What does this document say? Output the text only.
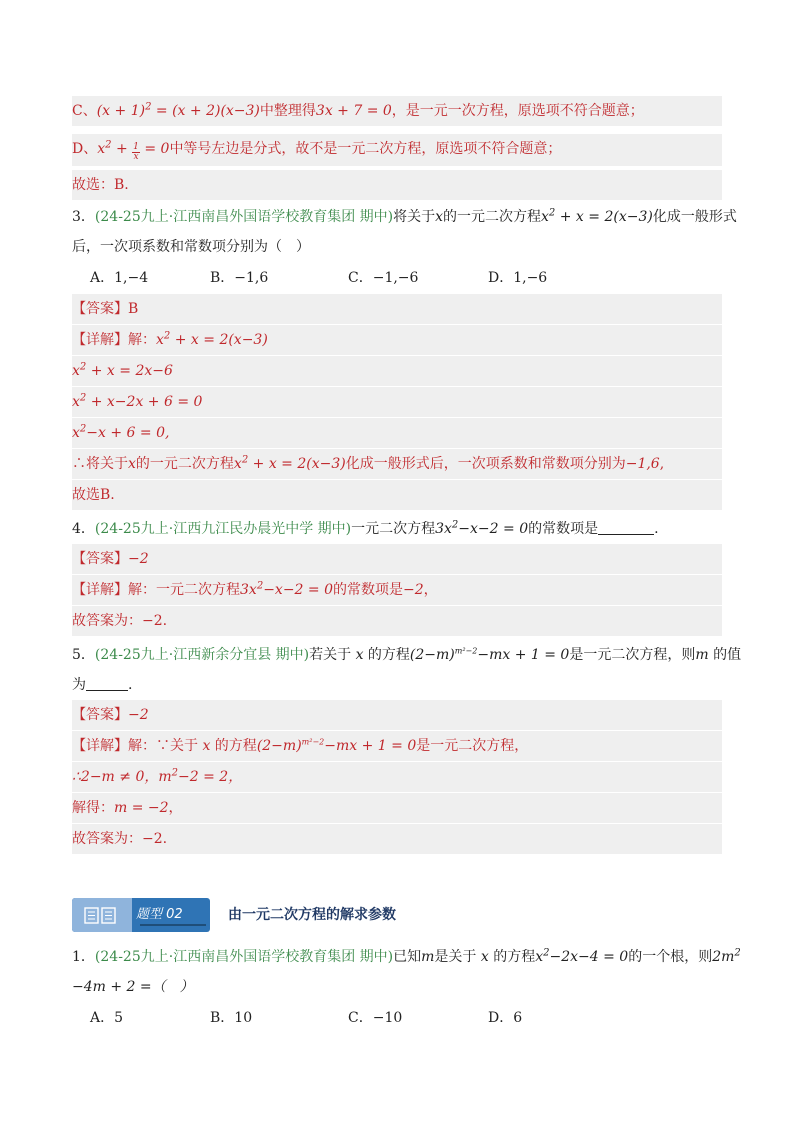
C、$(x + 1)^2 = (x + 2)(x-3)$中整理得3x + 7 = 0，是一元一次方程，原选项不符合题意；
D、$x^2 + \frac{1}{x} = 0$中等号左边是分式，故不是一元二次方程，原选项不符合题意；
故选：B.
3．(24-25九上·江西南昌外国语学校教育集团 期中)将关于x的一元二次方程$x^2 + x = 2(x-3)$化成一般形式
后，一次项系数和常数项分别为（　）
A．1,−4	B．−1,6	C．−1,−6	D．1,−6
【答案】B
【详解】解：$x^2 + x = 2(x-3)$
$x^2 + x = 2x-6$
$x^2 + x-2x + 6 = 0$
$x^2-x + 6 = 0$,
∴将关于x的一元二次方程$x^2 + x = 2(x-3)$化成一般形式后，一次项系数和常数项分别为−1,6,
故选B.
4．(24-25九上·江西九江民办晨光中学 期中)一元二次方程$3x^2-x-2 = 0$的常数项是	.
【答案】−2
【详解】解：一元二次方程$3x^2-x-2 = 0$的常数项是−2，
故答案为：−2.
5．(24-25九上·江西新余分宜县 期中)若关于 x 的方程$(2-m)^{m^2-2}-mx + 1 = 0$是一元二次方程，则m 的值
为	.
【答案】−2
【详解】解：∵关于 x 的方程$(2-m)^{m^2-2}-mx + 1 = 0$是一元二次方程，
∴2−m ≠ 0，$m^2-2 = 2$，
解得：m = −2，
故答案为：−2.
题型 02	由一元二次方程的解求参数
1．(24-25九上·江西南昌外国语学校教育集团 期中)已知m是关于 x 的方程$x^2-2x-4 = 0$的一个根，则$2m^2$
−4m + 2 =（　）
A．5	B．10	C．−10	D．6
